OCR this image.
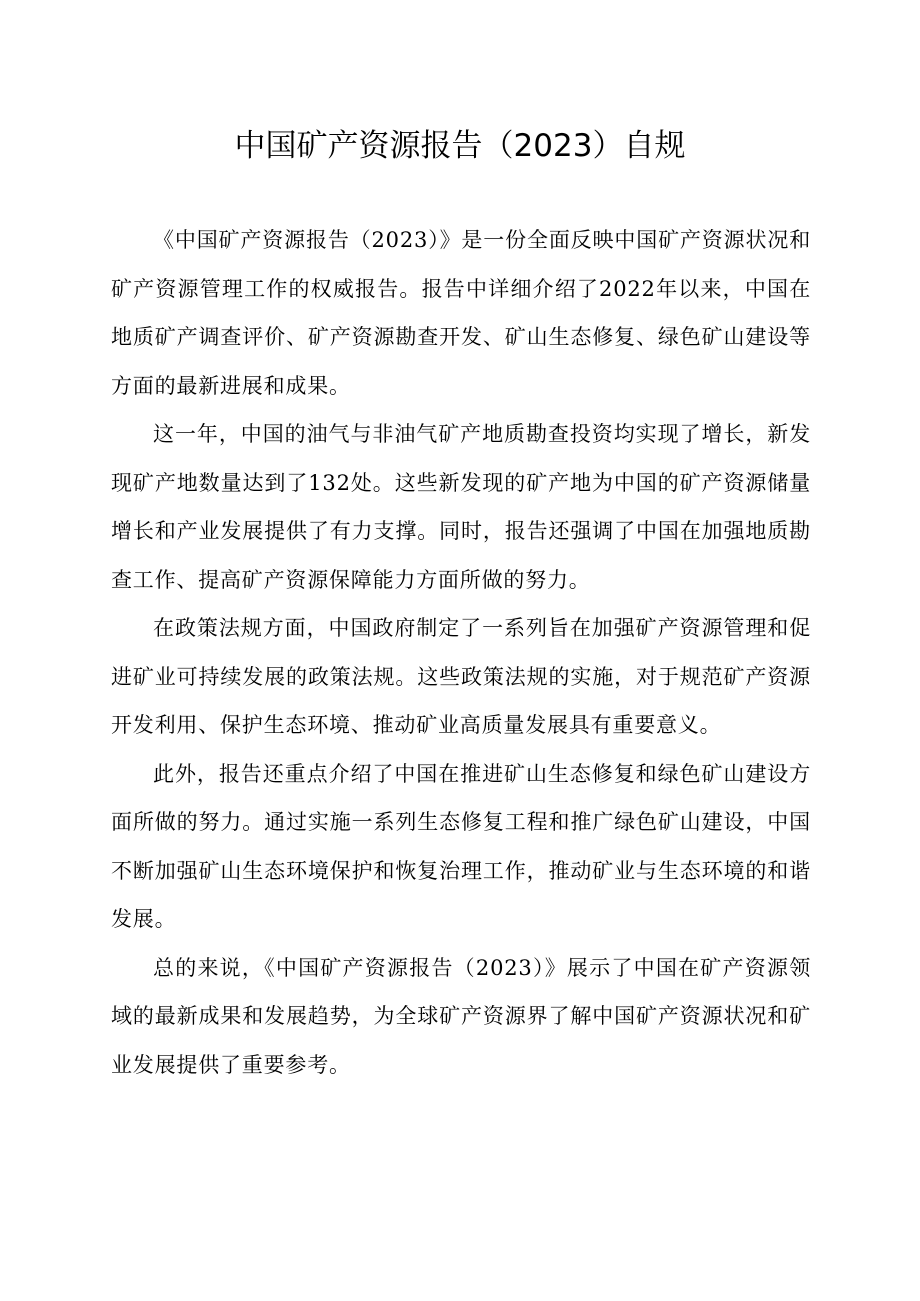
中国矿产资源报告（2023）自规

《中国矿产资源报告（2023）》是一份全面反映中国矿产资源状况和矿产资源管理工作的权威报告。报告中详细介绍了2022年以来，中国在地质矿产调查评价、矿产资源勘查开发、矿山生态修复、绿色矿山建设等方面的最新进展和成果。

这一年，中国的油气与非油气矿产地质勘查投资均实现了增长，新发现矿产地数量达到了132处。这些新发现的矿产地为中国的矿产资源储量增长和产业发展提供了有力支撑。同时，报告还强调了中国在加强地质勘查工作、提高矿产资源保障能力方面所做的努力。

在政策法规方面，中国政府制定了一系列旨在加强矿产资源管理和促进矿业可持续发展的政策法规。这些政策法规的实施，对于规范矿产资源开发利用、保护生态环境、推动矿业高质量发展具有重要意义。

此外，报告还重点介绍了中国在推进矿山生态修复和绿色矿山建设方面所做的努力。通过实施一系列生态修复工程和推广绿色矿山建设，中国不断加强矿山生态环境保护和恢复治理工作，推动矿业与生态环境的和谐发展。

总的来说，《中国矿产资源报告（2023）》展示了中国在矿产资源领域的最新成果和发展趋势，为全球矿产资源界了解中国矿产资源状况和矿业发展提供了重要参考。
